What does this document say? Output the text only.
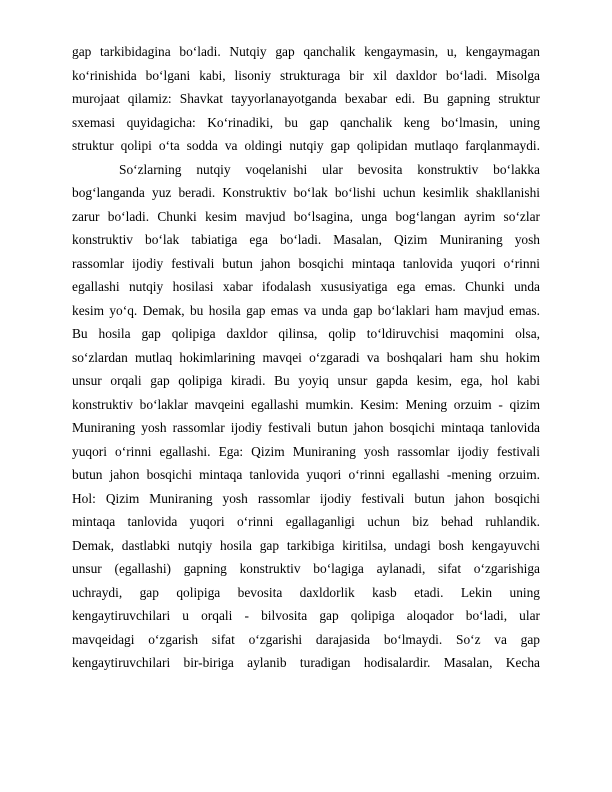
gap tarkibidagina bo‘ladi. Nutqiy gap qanchalik kengaymasin, u, kengaymagan
ko‘rinishida bo‘lgani kabi, lisoniy strukturaga bir xil daxldor bo‘ladi. Misolga
murojaat qilamiz: Shavkat tayyorlanayotganda bexabar edi. Bu gapning struktur
sxemasi quyidagicha: Ko‘rinadiki, bu gap qanchalik keng bo‘lmasin, uning
struktur qolipi o‘ta sodda va oldingi nutqiy gap qolipidan mutlaqo farqlanmaydi.
So‘zlarning nutqiy voqelanishi ular bevosita konstruktiv bo‘lakka
bog‘langanda yuz beradi. Konstruktiv bo‘lak bo‘lishi uchun kesimlik shakllanishi
zarur bo‘ladi. Chunki kesim mavjud bo‘lsagina, unga bog‘langan ayrim so‘zlar
konstruktiv bo‘lak tabiatiga ega bo‘ladi. Masalan, Qizim Muniraning yosh
rassomlar ijodiy festivali butun jahon bosqichi mintaqa tanlovida yuqori o‘rinni
egallashi nutqiy hosilasi xabar ifodalash xususiyatiga ega emas. Chunki unda
kesim yo‘q. Demak, bu hosila gap emas va unda gap bo‘laklari ham mavjud emas.
Bu hosila gap qolipiga daxldor qilinsa, qolip to‘ldiruvchisi maqomini olsa,
so‘zlardan mutlaq hokimlarining mavqei o‘zgaradi va boshqalari ham shu hokim
unsur orqali gap qolipiga kiradi. Bu yoyiq unsur gapda kesim, ega, hol kabi
konstruktiv bo‘laklar mavqeini egallashi mumkin. Kesim: Mening orzuim - qizim
Muniraning yosh rassomlar ijodiy festivali butun jahon bosqichi mintaqa tanlovida
yuqori o‘rinni egallashi. Ega: Qizim Muniraning yosh rassomlar ijodiy festivali
butun jahon bosqichi mintaqa tanlovida yuqori o‘rinni egallashi -mening orzuim.
Hol: Qizim Muniraning yosh rassomlar ijodiy festivali butun jahon bosqichi
mintaqa tanlovida yuqori o‘rinni egallaganligi uchun biz behad ruhlandik.
Demak, dastlabki nutqiy hosila gap tarkibiga kiritilsa, undagi bosh kengayuvchi
unsur (egallashi) gapning konstruktiv bo‘lagiga aylanadi, sifat o‘zgarishiga
uchraydi, gap qolipiga bevosita daxldorlik kasb etadi. Lekin uning
kengaytiruvchilari u orqali - bilvosita gap qolipiga aloqador bo‘ladi, ular
mavqeidagi o‘zgarish sifat o‘zgarishi darajasida bo‘lmaydi. So‘z va gap
kengaytiruvchilari bir-biriga aylanib turadigan hodisalardir. Masalan, Kecha
